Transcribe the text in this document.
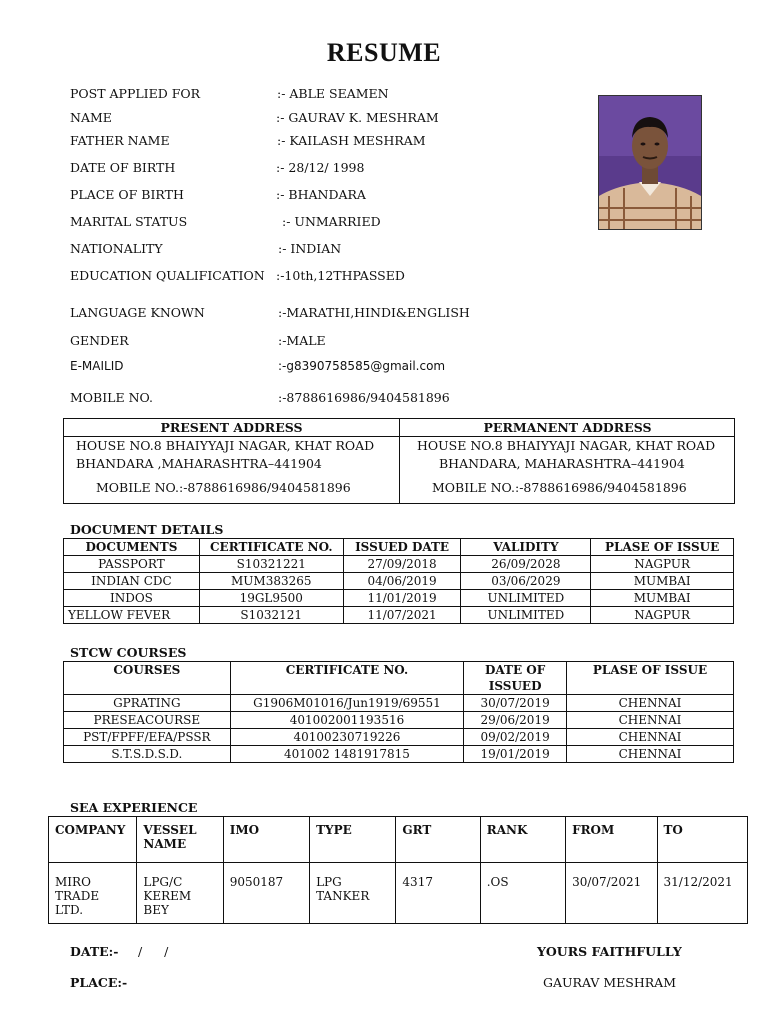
RESUME
POST APPLIED FOR	:- ABLE SEAMEN
NAME	:- GAURAV K. MESHRAM
FATHER NAME	:- KAILASH MESHRAM
DATE OF BIRTH	:- 28/12/ 1998
PLACE OF BIRTH	:- BHANDARA
MARITAL STATUS	:- UNMARRIED
NATIONALITY	:- INDIAN
EDUCATION QUALIFICATION :-10th,12THPASSED
LANGUAGE KNOWN	:-MARATHI,HINDI&ENGLISH
GENDER	:-MALE
E-MAILID	:-g8390758585@gmail.com
MOBILE NO.	:-8788616986/9404581896
PRESENT ADDRESS
HOUSE NO.8 BHAIYYAJI NAGAR, KHAT ROAD
BHANDARA ,MAHARASHTRA–441904
MOBILE NO.:-8788616986/9404581896
PERMANENT ADDRESS
HOUSE NO.8 BHAIYYAJI NAGAR, KHAT ROAD
BHANDARA, MAHARASHTRA–441904
MOBILE NO.:-8788616986/9404581896
DOCUMENT DETAILS
DOCUMENTS	CERTIFICATE NO.	ISSUED DATE	VALIDITY	PLASE OF ISSUE
PASSPORT	S10321221	27/09/2018	26/09/2028	NAGPUR
INDIAN CDC	MUM383265	04/06/2019	03/06/2029	MUMBAI
INDOS	19GL9500	11/01/2019	UNLIMITED	MUMBAI
YELLOW FEVER	S1032121	11/07/2021	UNLIMITED	NAGPUR
STCW COURSES
COURSES	CERTIFICATE NO.	DATE OF ISSUED	PLASE OF ISSUE
GPRATING	G1906M01016/Jun1919/69551	30/07/2019	CHENNAI
PRESEACOURSE	401002001193516	29/06/2019	CHENNAI
PST/FPFF/EFA/PSSR	40100230719226	09/02/2019	CHENNAI
S.T.S.D.S.D.	401002 1481917815	19/01/2019	CHENNAI
SEA EXPERIENCE
COMPANY	VESSEL NAME	IMO	TYPE	GRT	RANK	FROM	TO
MIRO TRADE LTD.	LPG/C KEREM BEY	9050187	LPG TANKER	4317	.OS	30/07/2021	31/12/2021
DATE:- / /
PLACE:-
YOURS FAITHFULLY
GAURAV MESHRAM
